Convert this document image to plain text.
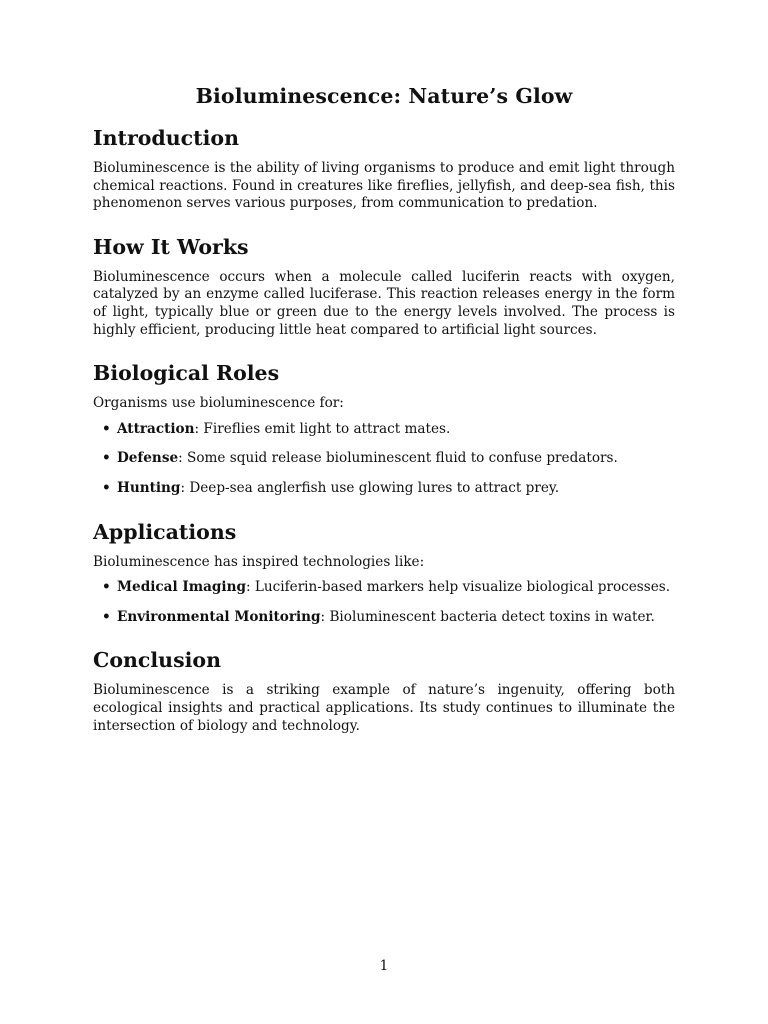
Bioluminescence: Nature’s Glow
Introduction

Bioluminescence is the ability of living organisms to produce and emit light through chemical reactions. Found in creatures like fireflies, jellyfish, and deep-sea fish, this phenomenon serves various purposes, from communication to predation.

How It Works

Bioluminescence occurs when a molecule called luciferin reacts with oxygen, catalyzed by an enzyme called luciferase. This reaction releases energy in the form of light, typically blue or green due to the energy levels involved. The process is highly efficient, producing little heat compared to artificial light sources.

Biological Roles

Organisms use bioluminescence for:

• Attraction: Fireflies emit light to attract mates.
• Defense: Some squid release bioluminescent fluid to confuse predators.
• Hunting: Deep-sea anglerfish use glowing lures to attract prey.
Applications

Bioluminescence has inspired technologies like:

• Medical Imaging: Luciferin-based markers help visualize biological processes.
• Environmental Monitoring: Bioluminescent bacteria detect toxins in water.
Conclusion

Bioluminescence is a striking example of nature’s ingenuity, offering both ecological insights and practical applications. Its study continues to illuminate the intersection of biology and technology.

1
